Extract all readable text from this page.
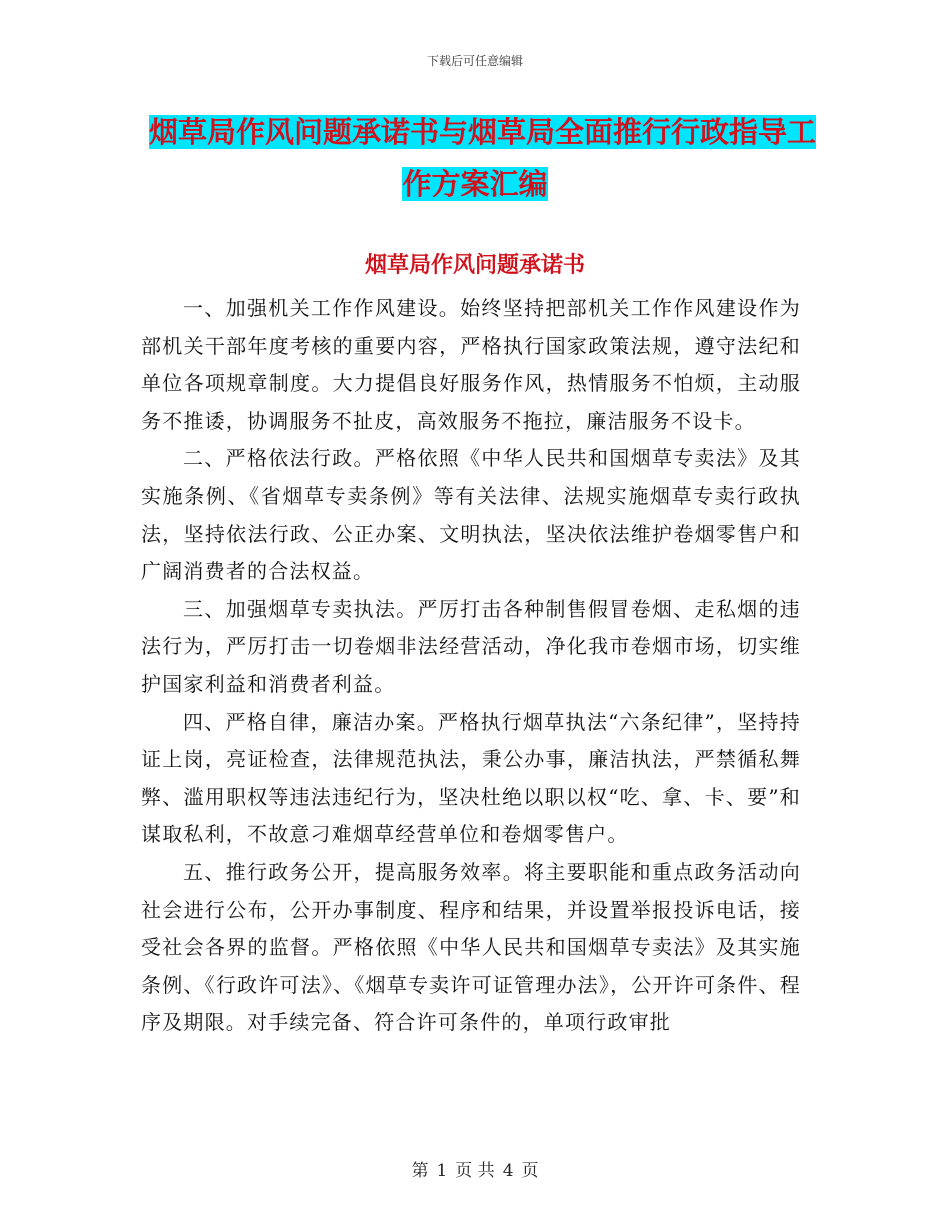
下载后可任意编辑
烟草局作风问题承诺书与烟草局全面推行行政指导工
作方案汇编
烟草局作风问题承诺书

一、加强机关工作作风建设。始终坚持把部机关工作作风建设作为部机关干部年度考核的重要内容，严格执行国家政策法规，遵守法纪和单位各项规章制度。大力提倡良好服务作风，热情服务不怕烦，主动服务不推诿，协调服务不扯皮，高效服务不拖拉，廉洁服务不设卡。

二、严格依法行政。严格依照《中华人民共和国烟草专卖法》及其实施条例、《省烟草专卖条例》等有关法律、法规实施烟草专卖行政执法，坚持依法行政、公正办案、文明执法，坚决依法维护卷烟零售户和广阔消费者的合法权益。

三、加强烟草专卖执法。严厉打击各种制售假冒卷烟、走私烟的违法行为，严厉打击一切卷烟非法经营活动，净化我市卷烟市场，切实维护国家利益和消费者利益。

四、严格自律，廉洁办案。严格执行烟草执法“六条纪律”，坚持持证上岗，亮证检查，法律规范执法，秉公办事，廉洁执法，严禁循私舞弊、滥用职权等违法违纪行为，坚决杜绝以职以权“吃、拿、卡、要”和谋取私利，不故意刁难烟草经营单位和卷烟零售户。

五、推行政务公开，提高服务效率。将主要职能和重点政务活动向社会进行公布，公开办事制度、程序和结果，并设置举报投诉电话，接受社会各界的监督。严格依照《中华人民共和国烟草专卖法》及其实施条例、《行政许可法》、《烟草专卖许可证管理办法》，公开许可条件、程序及期限。对手续完备、符合许可条件的，单项行政审批

第 1 页 共 4 页
